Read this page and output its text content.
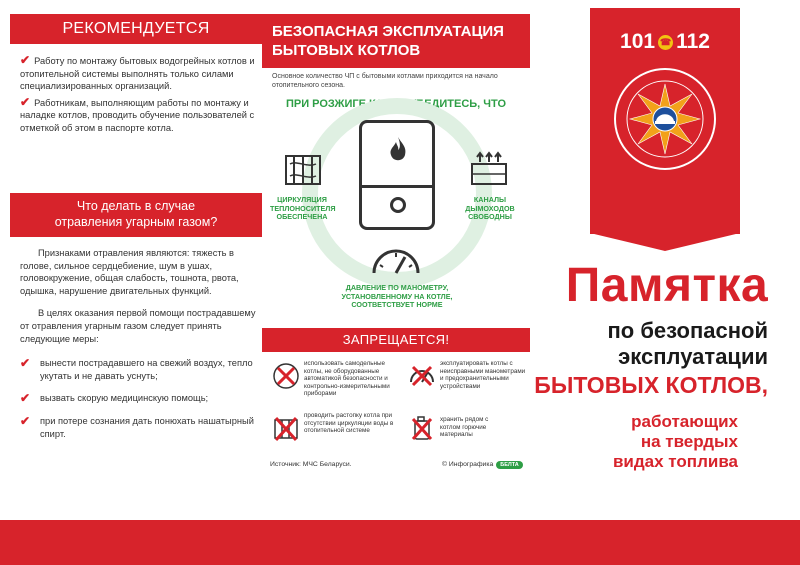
РЕКОМЕНДУЕТСЯ

✔ Работу по монтажу бытовых водогрейных котлов и отопительной системы выполнять только силами специализированных организаций.

✔ Работникам, выполняющим работы по монтажу и наладке котлов, проводить обучение пользователей с отметкой об этом в паспорте котла.

Что делать в случае
отравления угарным газом?

Признаками отравления являются: тяжесть в голове, сильное сердцебиение, шум в ушах, головокружение, общая слабость, тошнота, рвота, одышка, нарушение двигательных функций.

В целях оказания первой помощи пострадавшему от отравления угарным газом следует принять следующие меры:

✔	вынести пострадавшего на свежий воздух, тепло укутать и не давать уснуть;
✔	вызвать скорую медицинскую помощь;
✔	при потере сознания дать понюхать нашатырный спирт.
БЕЗОПАСНАЯ ЭКСПЛУАТАЦИЯ
БЫТОВЫХ КОТЛОВ
Основное количество ЧП с бытовыми котлами приходится на начало отопительного сезона.
ПРИ РОЗЖИГЕ КОТЛА УБЕДИТЕСЬ, ЧТО
ЦИРКУЛЯЦИЯ ТЕПЛОНОСИТЕЛЯ ОБЕСПЕЧЕНА
КАНАЛЫ ДЫМОХОДОВ СВОБОДНЫ
ДАВЛЕНИЕ ПО МАНОМЕТРУ, УСТАНОВЛЕННОМУ НА КОТЛЕ, СООТВЕТСТВУЕТ НОРМЕ
ЗАПРЕЩАЕТСЯ!
использовать самодельные котлы, не оборудованные автоматикой безопасности и контрольно-измерительными приборами
эксплуатировать котлы с неисправными манометрами и предохранительными устройствами
проводить растопку котла при отсутствии циркуляции воды в отопительной системе
хранить рядом с котлом горючие материалы
Источник: МЧС Беларуси.	© Инфографика БЕЛТА
101 ☎ 112
Памятка
по безопасной
эксплуатации
БЫТОВЫХ КОТЛОВ,
работающих
на твердых
видах топлива
